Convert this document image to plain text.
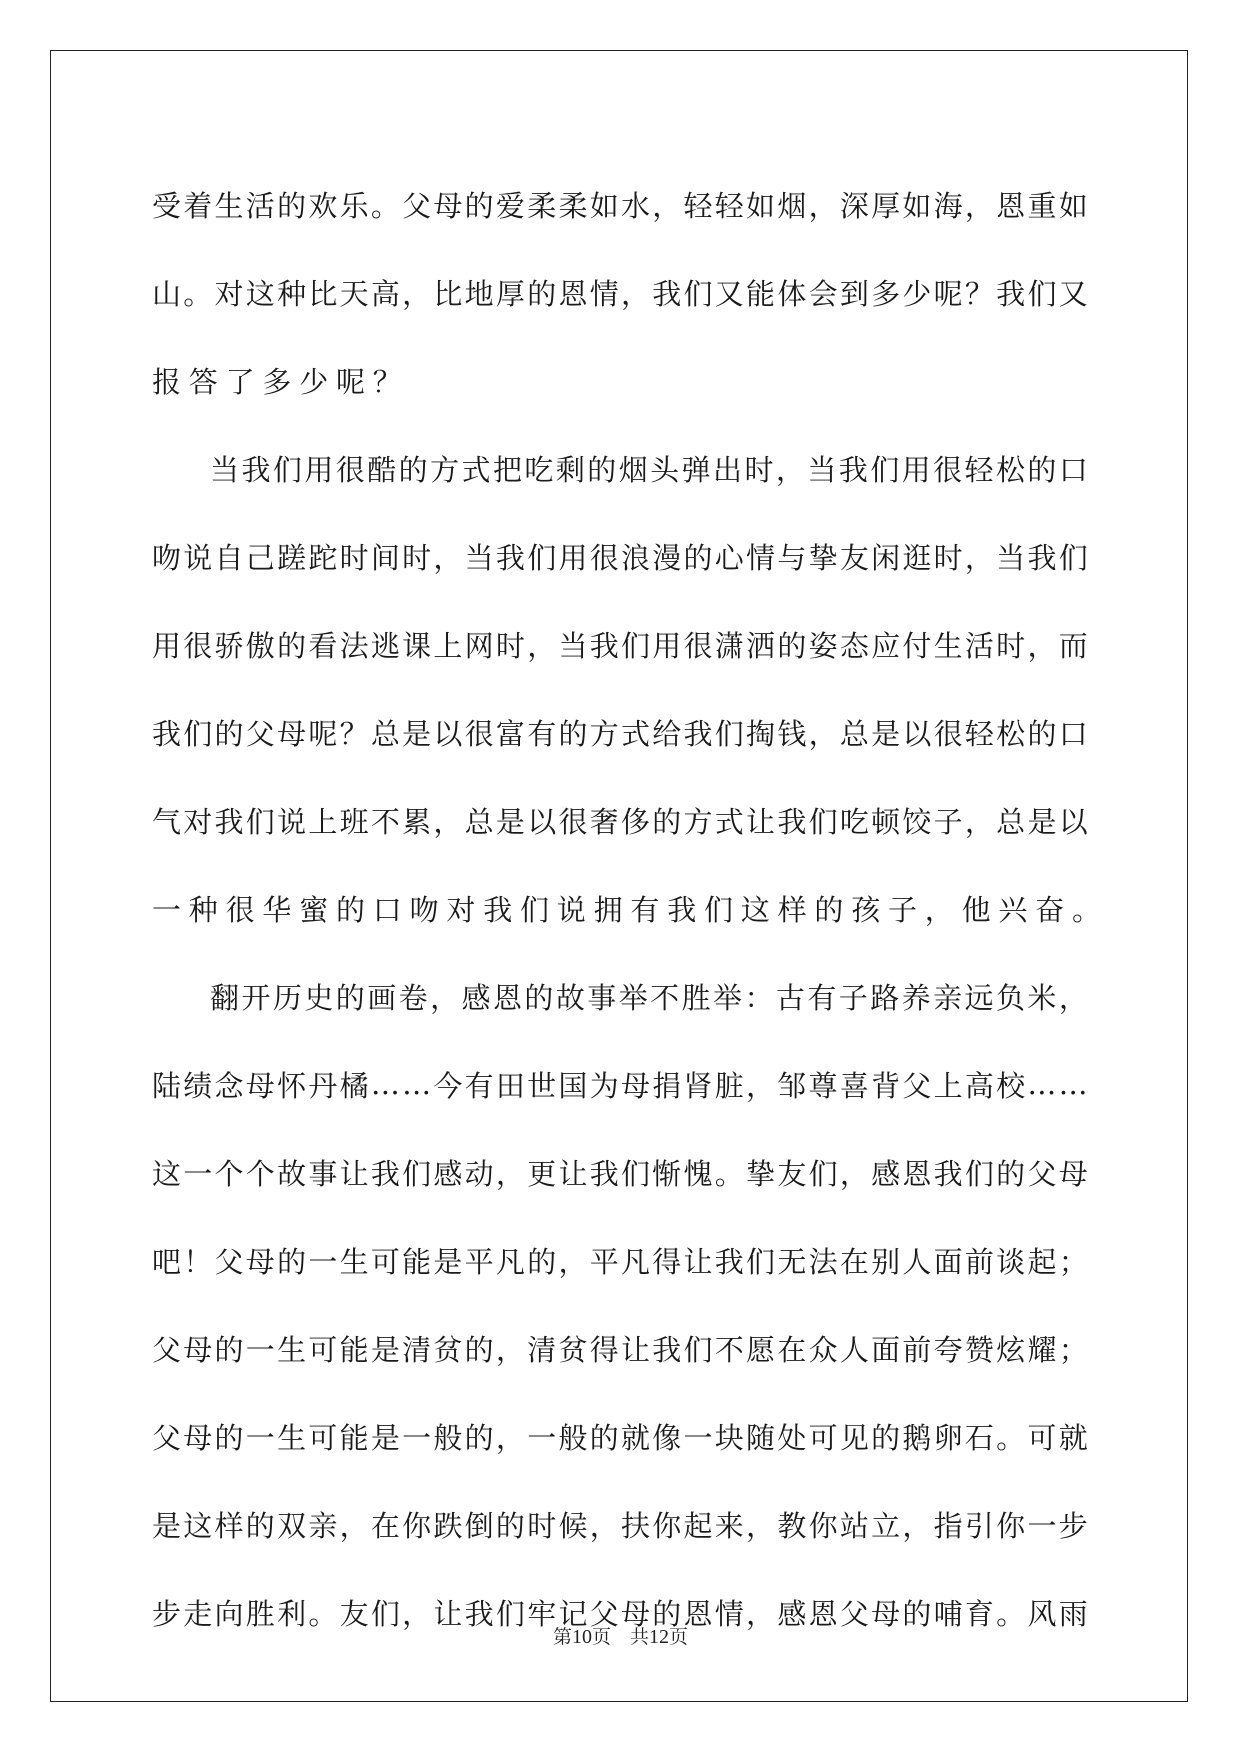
受 着 生 活 的 欢 乐 。 父 母 的 爱 柔 柔 如 水 ， 轻 轻 如 烟 ， 深 厚 如 海 ， 恩 重 如
山 。 对 这 种 比 天 高 ， 比 地 厚 的 恩 情 ， 我 们 又 能 体 会 到 多 少 呢 ？ 我 们 又
报答了多少呢？
当 我 们 用 很 酷 的 方 式 把 吃 剩 的 烟 头 弹 出 时 ， 当 我 们 用 很 轻 松 的 口
吻 说 自 己 蹉 跎 时 间 时 ， 当 我 们 用 很 浪 漫 的 心 情 与 挚 友 闲 逛 时 ， 当 我 们
用 很 骄 傲 的 看 法 逃 课 上 网 时 ， 当 我 们 用 很 潇 洒 的 姿 态 应 付 生 活 时 ， 而
我 们 的 父 母 呢 ？ 总 是 以 很 富 有 的 方 式 给 我 们 掏 钱 ， 总 是 以 很 轻 松 的 口
气 对 我 们 说 上 班 不 累 ， 总 是 以 很 奢 侈 的 方 式 让 我 们 吃 顿 饺 子 ， 总 是 以
一种很华蜜的口吻对我们说拥有我们这样的孩子，他兴奋。
翻 开 历 史 的 画 卷 ， 感 恩 的 故 事 举 不 胜 举 ： 古 有 子 路 养 亲 远 负 米 ，
陆 绩 念 母 怀 丹 橘 … … 今 有 田 世 国 为 母 捐 肾 脏 ， 邹 尊 喜 背 父 上 高 校 … …
这 一 个 个 故 事 让 我 们 感 动 ， 更 让 我 们 惭 愧 。 挚 友 们 ， 感 恩 我 们 的 父 母
吧 ！ 父 母 的 一 生 可 能 是 平 凡 的 ， 平 凡 得 让 我 们 无 法 在 别 人 面 前 谈 起 ；
父 母 的 一 生 可 能 是 清 贫 的 ， 清 贫 得 让 我 们 不 愿 在 众 人 面 前 夸 赞 炫 耀 ；
父 母 的 一 生 可 能 是 一 般 的 ， 一 般 的 就 像 一 块 随 处 可 见 的 鹅 卵 石 。 可 就
是 这 样 的 双 亲 ， 在 你 跌 倒 的 时 候 ， 扶 你 起 来 ， 教 你 站 立 ， 指 引 你 一 步
步 走 向 胜 利 。 友 们 ， 让 我 们 牢 记 父 母 的 恩 情 ， 感 恩 父 母 的 哺 育 。 风 雨
第10页　共12页
